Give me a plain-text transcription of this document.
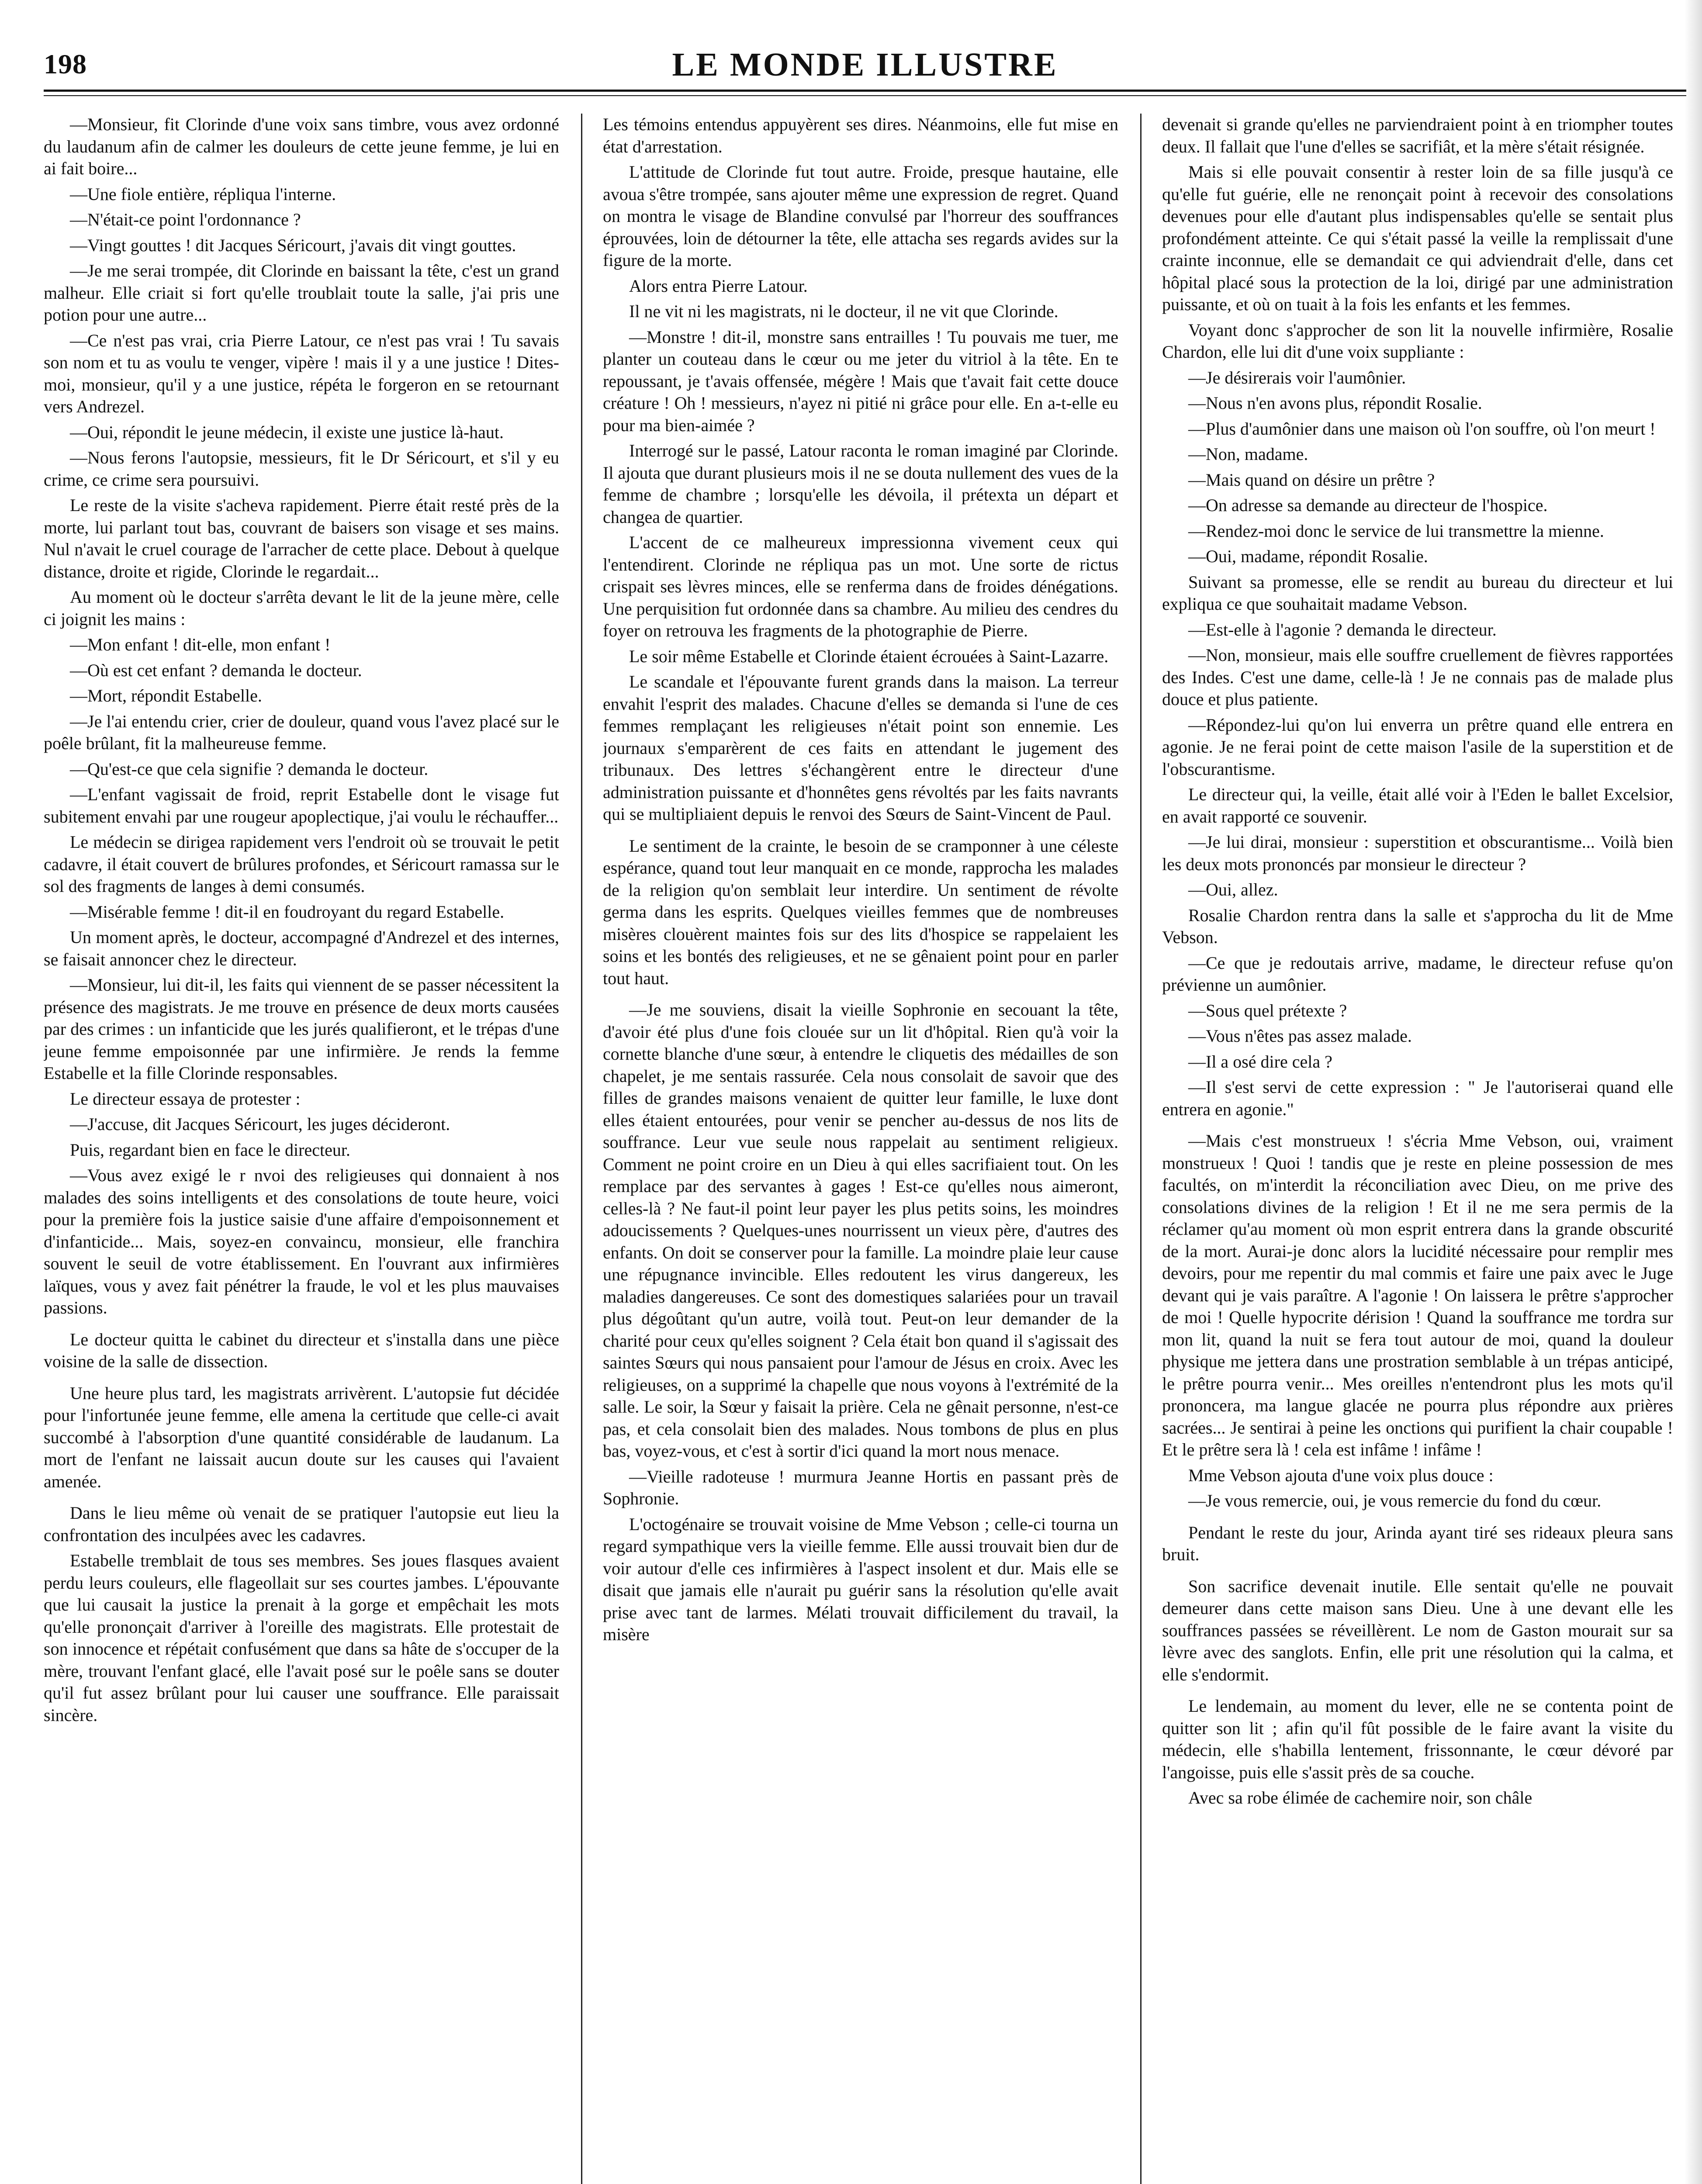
198	LE MONDE ILLUSTRE

—Monsieur, fit Clorinde d'une voix sans timbre, vous avez ordonné du laudanum afin de calmer les douleurs de cette jeune femme, je lui en ai fait boire...

—Une fiole entière, répliqua l'interne.

—N'était-ce point l'ordonnance ?

—Vingt gouttes ! dit Jacques Séricourt, j'avais dit vingt gouttes.

—Je me serai trompée, dit Clorinde en baissant la tête, c'est un grand malheur. Elle criait si fort qu'elle troublait toute la salle, j'ai pris une potion pour une autre...

—Ce n'est pas vrai, cria Pierre Latour, ce n'est pas vrai ! Tu savais son nom et tu as voulu te venger, vipère ! mais il y a une justice ! Dites-moi, monsieur, qu'il y a une justice, répéta le forgeron en se retournant vers Andrezel.

—Oui, répondit le jeune médecin, il existe une justice là-haut.

—Nous ferons l'autopsie, messieurs, fit le Dr Séricourt, et s'il y eu crime, ce crime sera poursuivi.

Le reste de la visite s'acheva rapidement. Pierre était resté près de la morte, lui parlant tout bas, couvrant de baisers son visage et ses mains. Nul n'avait le cruel courage de l'arracher de cette place. Debout à quelque distance, droite et rigide, Clorinde le regardait...

Au moment où le docteur s'arrêta devant le lit de la jeune mère, celle ci joignit les mains :

—Mon enfant ! dit-elle, mon enfant !

—Où est cet enfant ? demanda le docteur.

—Mort, répondit Estabelle.

—Je l'ai entendu crier, crier de douleur, quand vous l'avez placé sur le poêle brûlant, fit la malheureuse femme.

—Qu'est-ce que cela signifie ? demanda le docteur.

—L'enfant vagissait de froid, reprit Estabelle dont le visage fut subitement envahi par une rougeur apoplectique, j'ai voulu le réchauffer...

Le médecin se dirigea rapidement vers l'endroit où se trouvait le petit cadavre, il était couvert de brûlures profondes, et Séricourt ramassa sur le sol des fragments de langes à demi consumés.

—Misérable femme ! dit-il en foudroyant du regard Estabelle.

Un moment après, le docteur, accompagné d'Andrezel et des internes, se faisait annoncer chez le directeur.

—Monsieur, lui dit-il, les faits qui viennent de se passer nécessitent la présence des magistrats. Je me trouve en présence de deux morts causées par des crimes : un infanticide que les jurés qualifieront, et le trépas d'une jeune femme empoisonnée par une infirmière. Je rends la femme Estabelle et la fille Clorinde responsables.

Le directeur essaya de protester :

—J'accuse, dit Jacques Séricourt, les juges décideront.

Puis, regardant bien en face le directeur.

—Vous avez exigé le r nvoi des religieuses qui donnaient à nos malades des soins intelligents et des consolations de toute heure, voici pour la première fois la justice saisie d'une affaire d'empoisonnement et d'infanticide... Mais, soyez-en convaincu, monsieur, elle franchira souvent le seuil de votre établissement. En l'ouvrant aux infirmières laïques, vous y avez fait pénétrer la fraude, le vol et les plus mauvaises passions.

Le docteur quitta le cabinet du directeur et s'installa dans une pièce voisine de la salle de dissection.

Une heure plus tard, les magistrats arrivèrent. L'autopsie fut décidée pour l'infortunée jeune femme, elle amena la certitude que celle-ci avait succombé à l'absorption d'une quantité considérable de laudanum. La mort de l'enfant ne laissait aucun doute sur les causes qui l'avaient amenée.

Dans le lieu même où venait de se pratiquer l'autopsie eut lieu la confrontation des inculpées avec les cadavres.

Estabelle tremblait de tous ses membres. Ses joues flasques avaient perdu leurs couleurs, elle flageollait sur ses courtes jambes. L'épouvante que lui causait la justice la prenait à la gorge et empêchait les mots qu'elle prononçait d'arriver à l'oreille des magistrats. Elle protestait de son innocence et répétait confusément que dans sa hâte de s'occuper de la mère, trouvant l'enfant glacé, elle l'avait posé sur le poêle sans se douter qu'il fut assez brûlant pour lui causer une souffrance. Elle paraissait sincère.

Les témoins entendus appuyèrent ses dires. Néanmoins, elle fut mise en état d'arrestation.

L'attitude de Clorinde fut tout autre. Froide, presque hautaine, elle avoua s'être trompée, sans ajouter même une expression de regret. Quand on montra le visage de Blandine convulsé par l'horreur des souffrances éprouvées, loin de détourner la tête, elle attacha ses regards avides sur la figure de la morte.

Alors entra Pierre Latour.

Il ne vit ni les magistrats, ni le docteur, il ne vit que Clorinde.

—Monstre ! dit-il, monstre sans entrailles ! Tu pouvais me tuer, me planter un couteau dans le cœur ou me jeter du vitriol à la tête. En te repoussant, je t'avais offensée, mégère ! Mais que t'avait fait cette douce créature ! Oh ! messieurs, n'ayez ni pitié ni grâce pour elle. En a-t-elle eu pour ma bien-aimée ?

Interrogé sur le passé, Latour raconta le roman imaginé par Clorinde. Il ajouta que durant plusieurs mois il ne se douta nullement des vues de la femme de chambre ; lorsqu'elle les dévoila, il prétexta un départ et changea de quartier.

L'accent de ce malheureux impressionna vivement ceux qui l'entendirent. Clorinde ne répliqua pas un mot. Une sorte de rictus crispait ses lèvres minces, elle se renferma dans de froides dénégations. Une perquisition fut ordonnée dans sa chambre. Au milieu des cendres du foyer on retrouva les fragments de la photographie de Pierre.

Le soir même Estabelle et Clorinde étaient écrouées à Saint-Lazarre.

Le scandale et l'épouvante furent grands dans la maison. La terreur envahit l'esprit des malades. Chacune d'elles se demanda si l'une de ces femmes remplaçant les religieuses n'était point son ennemie. Les journaux s'emparèrent de ces faits en attendant le jugement des tribunaux. Des lettres s'échangèrent entre le directeur d'une administration puissante et d'honnêtes gens révoltés par les faits navrants qui se multipliaient depuis le renvoi des Sœurs de Saint-Vincent de Paul.

Le sentiment de la crainte, le besoin de se cramponner à une céleste espérance, quand tout leur manquait en ce monde, rapprocha les malades de la religion qu'on semblait leur interdire. Un sentiment de révolte germa dans les esprits. Quelques vieilles femmes que de nombreuses misères clouèrent maintes fois sur des lits d'hospice se rappelaient les soins et les bontés des religieuses, et ne se gênaient point pour en parler tout haut.

—Je me souviens, disait la vieille Sophronie en secouant la tête, d'avoir été plus d'une fois clouée sur un lit d'hôpital. Rien qu'à voir la cornette blanche d'une sœur, à entendre le cliquetis des médailles de son chapelet, je me sentais rassurée. Cela nous consolait de savoir que des filles de grandes maisons venaient de quitter leur famille, le luxe dont elles étaient entourées, pour venir se pencher au-dessus de nos lits de souffrance. Leur vue seule nous rappelait au sentiment religieux. Comment ne point croire en un Dieu à qui elles sacrifiaient tout. On les remplace par des servantes à gages ! Est-ce qu'elles nous aimeront, celles-là ? Ne faut-il point leur payer les plus petits soins, les moindres adoucissements ? Quelques-unes nourrissent un vieux père, d'autres des enfants. On doit se conserver pour la famille. La moindre plaie leur cause une répugnance invincible. Elles redoutent les virus dangereux, les maladies dangereuses. Ce sont des domestiques salariées pour un travail plus dégoûtant qu'un autre, voilà tout. Peut-on leur demander de la charité pour ceux qu'elles soignent ? Cela était bon quand il s'agissait des saintes Sœurs qui nous pansaient pour l'amour de Jésus en croix. Avec les religieuses, on a supprimé la chapelle que nous voyons à l'extrémité de la salle. Le soir, la Sœur y faisait la prière. Cela ne gênait personne, n'est-ce pas, et cela consolait bien des malades. Nous tombons de plus en plus bas, voyez-vous, et c'est à sortir d'ici quand la mort nous menace.

—Vieille radoteuse ! murmura Jeanne Hortis en passant près de Sophronie.

L'octogénaire se trouvait voisine de Mme Vebson ; celle-ci tourna un regard sympathique vers la vieille femme. Elle aussi trouvait bien dur de voir autour d'elle ces infirmières à l'aspect insolent et dur. Mais elle se disait que jamais elle n'aurait pu guérir sans la résolution qu'elle avait prise avec tant de larmes. Mélati trouvait difficilement du travail, la misère

devenait si grande qu'elles ne parviendraient point à en triompher toutes deux. Il fallait que l'une d'elles se sacrifiât, et la mère s'était résignée.

Mais si elle pouvait consentir à rester loin de sa fille jusqu'à ce qu'elle fut guérie, elle ne renonçait point à recevoir des consolations devenues pour elle d'autant plus indispensables qu'elle se sentait plus profondément atteinte. Ce qui s'était passé la veille la remplissait d'une crainte inconnue, elle se demandait ce qui adviendrait d'elle, dans cet hôpital placé sous la protection de la loi, dirigé par une administration puissante, et où on tuait à la fois les enfants et les femmes.

Voyant donc s'approcher de son lit la nouvelle infirmière, Rosalie Chardon, elle lui dit d'une voix suppliante :

—Je désirerais voir l'aumônier.

—Nous n'en avons plus, répondit Rosalie.

—Plus d'aumônier dans une maison où l'on souffre, où l'on meurt !

—Non, madame.

—Mais quand on désire un prêtre ?

—On adresse sa demande au directeur de l'hospice.

—Rendez-moi donc le service de lui transmettre la mienne.

—Oui, madame, répondit Rosalie.

Suivant sa promesse, elle se rendit au bureau du directeur et lui expliqua ce que souhaitait madame Vebson.

—Est-elle à l'agonie ? demanda le directeur.

—Non, monsieur, mais elle souffre cruellement de fièvres rapportées des Indes. C'est une dame, celle-là ! Je ne connais pas de malade plus douce et plus patiente.

—Répondez-lui qu'on lui enverra un prêtre quand elle entrera en agonie. Je ne ferai point de cette maison l'asile de la superstition et de l'obscurantisme.

Le directeur qui, la veille, était allé voir à l'Eden le ballet Excelsior, en avait rapporté ce souvenir.

—Je lui dirai, monsieur : superstition et obscurantisme... Voilà bien les deux mots prononcés par monsieur le directeur ?

—Oui, allez.

Rosalie Chardon rentra dans la salle et s'approcha du lit de Mme Vebson.

—Ce que je redoutais arrive, madame, le directeur refuse qu'on prévienne un aumônier.

—Sous quel prétexte ?

—Vous n'êtes pas assez malade.

—Il a osé dire cela ?

—Il s'est servi de cette expression : " Je l'autoriserai quand elle entrera en agonie."

—Mais c'est monstrueux ! s'écria Mme Vebson, oui, vraiment monstrueux ! Quoi ! tandis que je reste en pleine possession de mes facultés, on m'interdit la réconciliation avec Dieu, on me prive des consolations divines de la religion ! Et il ne me sera permis de la réclamer qu'au moment où mon esprit entrera dans la grande obscurité de la mort. Aurai-je donc alors la lucidité nécessaire pour remplir mes devoirs, pour me repentir du mal commis et faire une paix avec le Juge devant qui je vais paraître. A l'agonie ! On laissera le prêtre s'approcher de moi ! Quelle hypocrite dérision ! Quand la souffrance me tordra sur mon lit, quand la nuit se fera tout autour de moi, quand la douleur physique me jettera dans une prostration semblable à un trépas anticipé, le prêtre pourra venir... Mes oreilles n'entendront plus les mots qu'il prononcera, ma langue glacée ne pourra plus répondre aux prières sacrées... Je sentirai à peine les onctions qui purifient la chair coupable ! Et le prêtre sera là ! cela est infâme ! infâme !

Mme Vebson ajouta d'une voix plus douce :

—Je vous remercie, oui, je vous remercie du fond du cœur.

Pendant le reste du jour, Arinda ayant tiré ses rideaux pleura sans bruit.

Son sacrifice devenait inutile. Elle sentait qu'elle ne pouvait demeurer dans cette maison sans Dieu. Une à une devant elle les souffrances passées se réveillèrent. Le nom de Gaston mourait sur sa lèvre avec des sanglots. Enfin, elle prit une résolution qui la calma, et elle s'endormit.

Le lendemain, au moment du lever, elle ne se contenta point de quitter son lit ; afin qu'il fût possible de le faire avant la visite du médecin, elle s'habilla lentement, frissonnante, le cœur dévoré par l'angoisse, puis elle s'assit près de sa couche.

Avec sa robe élimée de cachemire noir, son châle
